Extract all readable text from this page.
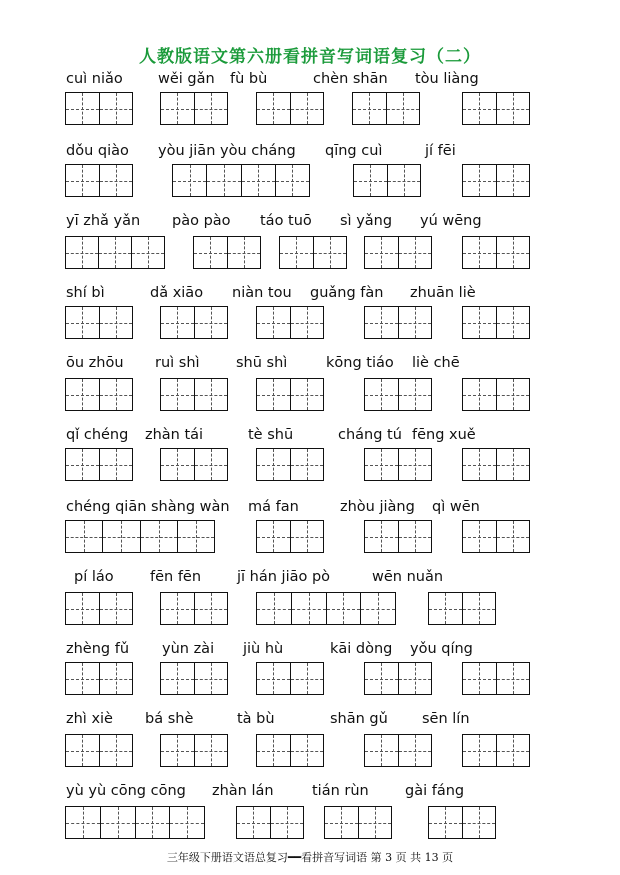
人教版语文第六册看拼音写词语复习（二）
cuì niǎo wěi gǎn fù bù	chèn shān tòu liàng
dǒu qiào yòu jiān yòu cháng qīng cuì	jí fēi
yī zhǎ yǎn pào pào táo tuō sì yǎng yú wēng
shí bì	dǎ xiāo niàn tou guǎng fàn zhuān liè
ōu zhōu ruì shì	shū shì	kōng tiáo liè chē
qǐ chéng zhàn tái	tè shū	cháng tú fēng xuě
chéng qiān shàng wàn má fan	zhòu jiàng qì wēn
pí láo	fēn fēn jī hán jiāo pò	wēn nuǎn
zhèng fǔ yùn zài jiù hù	kāi dòng yǒu qíng
zhì xiè bá shè	tà bù	shān gǔ sēn lín
yù yù cōng cōng zhàn lán	tián rùn	gài fáng
三年级下册语文语总复习━━看拼音写词语 第 3 页 共 13 页
